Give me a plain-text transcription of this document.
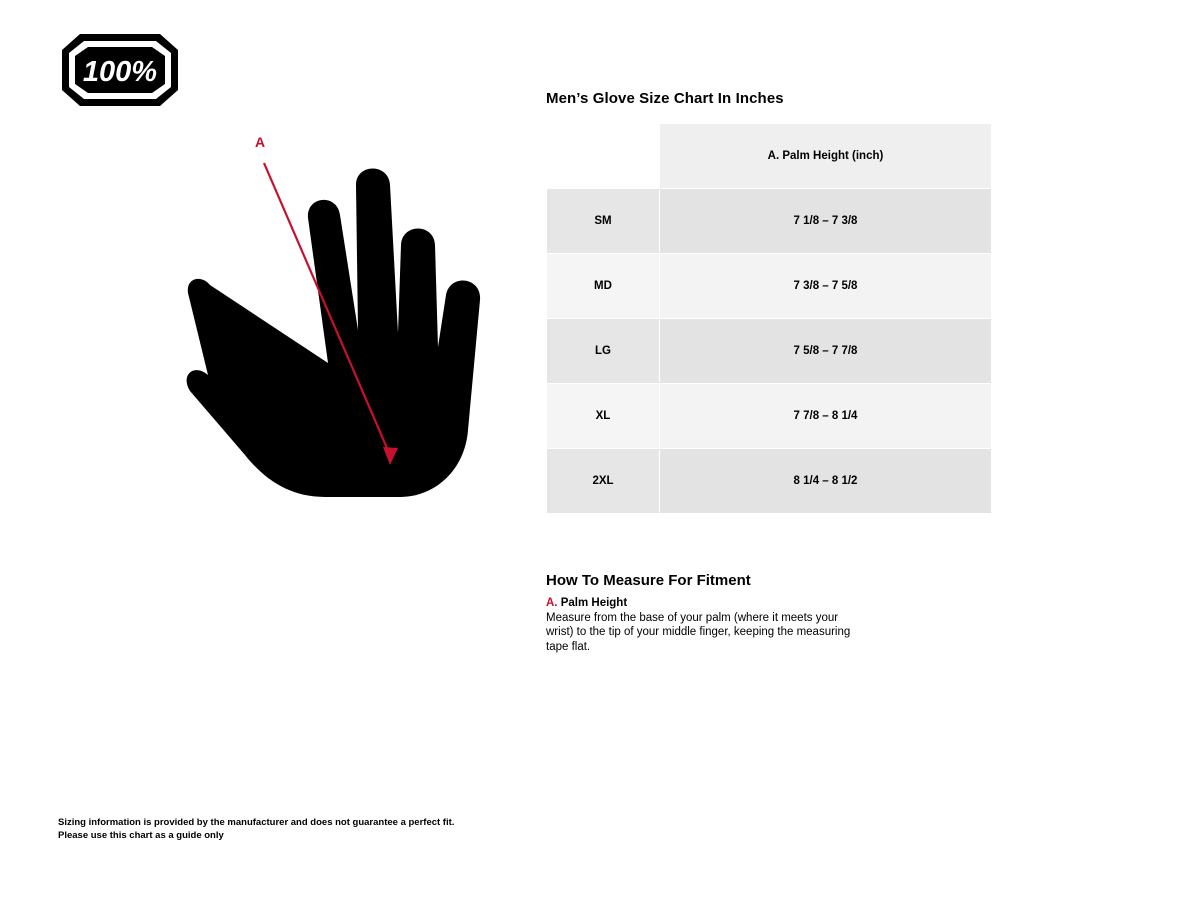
100%
A
Men’s Glove Size Chart In Inches
	A. Palm Height (inch)
SM	7 1/8 – 7 3/8
MD	7 3/8 – 7 5/8
LG	7 5/8 – 7 7/8
XL	7 7/8 – 8 1/4
2XL	8 1/4 – 8 1/2
How To Measure For Fitment
A. Palm Height

Measure from the base of your palm (where it meets your wrist) to the tip of your middle finger, keeping the measuring tape flat.

Sizing information is provided by the manufacturer and does not guarantee a perfect fit.
Please use this chart as a guide only
